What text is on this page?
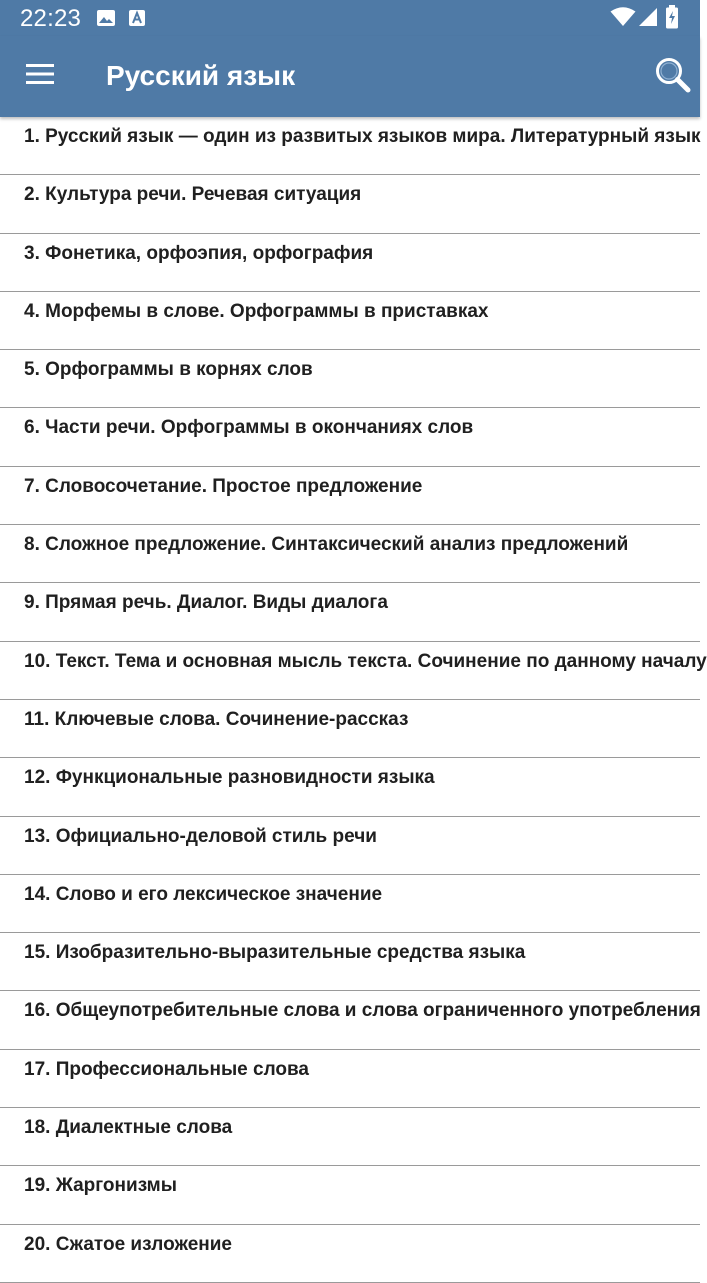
22:23
Русский язык
1. Русский язык — один из развитых языков мира. Литературный язык
2. Культура речи. Речевая ситуация
3. Фонетика, орфоэпия, орфография
4. Морфемы в слове. Орфограммы в приставках
5. Орфограммы в корнях слов
6. Части речи. Орфограммы в окончаниях слов
7. Словосочетание. Простое предложение
8. Сложное предложение. Синтаксический анализ предложений
9. Прямая речь. Диалог. Виды диалога
10. Текст. Тема и основная мысль текста. Сочинение по данному началу
11. Ключевые слова. Сочинение-рассказ
12. Функциональные разновидности языка
13. Официально-деловой стиль речи
14. Слово и его лексическое значение
15. Изобразительно-выразительные средства языка
16. Общеупотребительные слова и слова ограниченного употребления
17. Профессиональные слова
18. Диалектные слова
19. Жаргонизмы
20. Сжатое изложение
